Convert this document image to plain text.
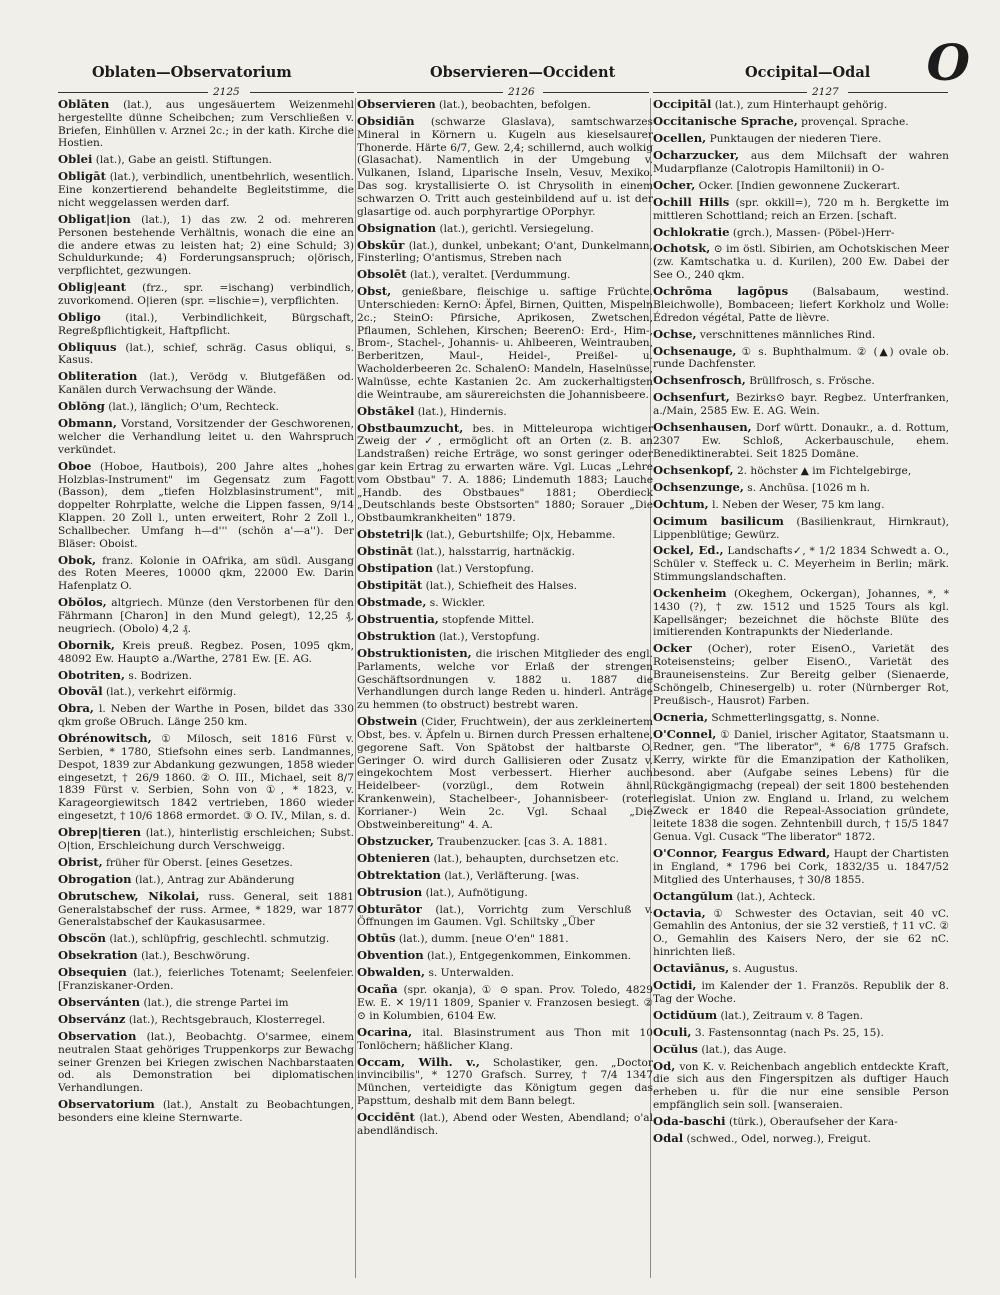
O
Oblaten—Observatorium	Observieren—Occident	Occipital—Odal
2125	2126	2127

Oblāten (lat.), aus ungesäuertem Weizenmehl hergestellte dünne Scheibchen; zum Verschließen v. Briefen, Einhüllen v. Arznei 2c.; in der kath. Kirche die Hostien.

Oblei (lat.), Gabe an geistl. Stiftungen.

Obligāt (lat.), verbindlich, unentbehrlich, wesentlich. Eine konzertierend behandelte Begleitstimme, die nicht weggelassen werden darf.

Obligat|ion (lat.), 1) das zw. 2 od. mehreren Personen bestehende Verhältnis, wonach die eine an die andere etwas zu leisten hat; 2) eine Schuld; 3) Schuldurkunde; 4) Forderungsanspruch; o|örisch, verpflichtet, gezwungen.

Oblig|eant (frz., spr. =ischang) verbindlich, zuvorkomend. O|ieren (spr. =lischie=), verpflichten.

Obligo (ital.), Verbindlichkeit, Bürgschaft, Regreßpflichtigkeit, Haftpflicht.

Obliquus (lat.), schief, schräg. Casus obliqui, s. Kasus.

Obliteration (lat.), Verödg v. Blutgefäßen od. Kanälen durch Verwachsung der Wände.

Oblŏng (lat.), länglich; O'um, Rechteck.

Obmann, Vorstand, Vorsitzender der Geschworenen, welcher die Verhandlung leitet u. den Wahrspruch verkündet.

Oboe (Hoboe, Hautbois), 200 Jahre altes „hohes Holzblas-Instrument" im Gegensatz zum Fagott (Basson), dem „tiefen Holzblasinstrument", mit doppelter Rohrplatte, welche die Lippen fassen, 9/14 Klappen. 20 Zoll l., unten erweitert, Rohr 2 Zoll l., Schallbecher. Umfang h—d''' (schön a'—a''). Der Bläser: Oboist.

Obok, franz. Kolonie in OAfrika, am südl. Ausgang des Roten Meeres, 10000 qkm, 22000 Ew. Darin Hafenplatz O.

Obŏlos, altgriech. Münze (den Verstorbenen für den Fährmann [Charon] in den Mund gelegt), 12,25 ₰, neugriech. (Obolo) 4,2 ₰.

Obornik, Kreis preuß. Regbez. Posen, 1095 qkm, 48092 Ew. Haupt⊙ a./Warthe, 2781 Ew. [E. AG.

Obotriten, s. Bodrizen.

Obovāl (lat.), verkehrt eiförmig.

Obra, l. Neben der Warthe in Posen, bildet das 330 qkm große OBruch. Länge 250 km.

Obrénowitsch, ① Milosch, seit 1816 Fürst v. Serbien, * 1780, Stiefsohn eines serb. Landmannes, Despot, 1839 zur Abdankung gezwungen, 1858 wieder eingesetzt, † 26/9 1860. ② O. III., Michael, seit 8/7 1839 Fürst v. Serbien, Sohn von ①, * 1823, v. Karageorgiewitsch 1842 vertrieben, 1860 wieder eingesetzt, † 10/6 1868 ermordet. ③ O. IV., Milan, s. d.

Obrep|tieren (lat.), hinterlistig erschleichen; Subst. O|tion, Erschleichung durch Verschweigg.

Obrist, früher für Oberst. [eines Gesetzes.

Obrogation (lat.), Antrag zur Abänderung

Obrutschew, Nikolai, russ. General, seit 1881 Generalstabschef der russ. Armee, * 1829, war 1877 Generalstabschef der Kaukasusarmee.

Obscön (lat.), schlüpfrig, geschlechtl. schmutzig.

Obsekration (lat.), Beschwörung.

Obsequien (lat.), feierliches Totenamt; Seelenfeier. [Franziskaner-Orden.

Observánten (lat.), die strenge Partei im

Observánz (lat.), Rechtsgebrauch, Klosterregel.

Observation (lat.), Beobachtg. O'sarmee, einem neutralen Staat gehöriges Truppenkorps zur Bewachg seiner Grenzen bei Kriegen zwischen Nachbarstaaten od. als Demonstration bei diplomatischen Verhandlungen.

Observatorium (lat.), Anstalt zu Beobachtungen, besonders eine kleine Sternwarte.

Observieren (lat.), beobachten, befolgen.

Obsidiān (schwarze Glaslava), samtschwarzes Mineral in Körnern u. Kugeln aus kieselsaurer Thonerde. Härte 6/7, Gew. 2,4; schillernd, auch wolkig (Glasachat). Namentlich in der Umgebung v. Vulkanen, Island, Liparische Inseln, Vesuv, Mexiko. Das sog. krystallisierte O. ist Chrysolith in einem schwarzen O. Tritt auch gesteinbildend auf u. ist der glasartige od. auch porphyrartige OPorphyr.

Obsignation (lat.), gerichtl. Versiegelung.

Obskūr (lat.), dunkel, unbekant; O'ant, Dunkelmann, Finsterling; O'antismus, Streben nach

Obsolēt (lat.), veraltet. [Verdummung.

Obst, genießbare, fleischige u. saftige Früchte. Unterschieden: KernO: Äpfel, Birnen, Quitten, Mispeln 2c.; SteinO: Pfirsiche, Aprikosen, Zwetschen, Pflaumen, Schlehen, Kirschen; BeerenO: Erd-, Him-, Brom-, Stachel-, Johannis- u. Ahlbeeren, Weintrauben, Berberitzen, Maul-, Heidel-, Preißel- u. Wacholderbeeren 2c. SchalenO: Mandeln, Haselnüsse, Walnüsse, echte Kastanien 2c. Am zuckerhaltigsten die Weintraube, am säurereichsten die Johannisbeere.

Obstākel (lat.), Hindernis.

Obstbaumzucht, bes. in Mitteleuropa wichtiger Zweig der ✓, ermöglicht oft an Orten (z. B. an Landstraßen) reiche Erträge, wo sonst geringer oder gar kein Ertrag zu erwarten wäre. Vgl. Lucas „Lehre vom Obstbau" 7. A. 1886; Lindemuth 1883; Lauche „Handb. des Obstbaues" 1881; Oberdieck „Deutschlands beste Obstsorten" 1880; Sorauer „Die Obstbaumkrankheiten" 1879.

Obstetri|k (lat.), Geburtshilfe; O|x, Hebamme.

Obstināt (lat.), halsstarrig, hartnäckig.

Obstipation (lat.) Verstopfung.

Obstipität (lat.), Schiefheit des Halses.

Obstmade, s. Wickler.

Obstruentia, stopfende Mittel.

Obstruktion (lat.), Verstopfung.

Obstruktionisten, die irischen Mitglieder des engl. Parlaments, welche vor Erlaß der strengen Geschäftsordnungen v. 1882 u. 1887 die Verhandlungen durch lange Reden u. hinderl. Anträge zu hemmen (to obstruct) bestrebt waren.

Obstwein (Cider, Fruchtwein), der aus zerkleinertem Obst, bes. v. Äpfeln u. Birnen durch Pressen erhaltene, gegorene Saft. Von Spätobst der haltbarste O. Geringer O. wird durch Gallisieren oder Zusatz v. eingekochtem Most verbessert. Hierher auch Heidelbeer- (vorzügl., dem Rotwein ähnl. Krankenwein), Stachelbeer-, Johannisbeer- (roter Korrianer-) Wein 2c. Vgl. Schaal „Die Obstweinbereitung" 4. A.

Obstzucker, Traubenzucker. [cas 3. A. 1881.

Obtenieren (lat.), behaupten, durchsetzen etc.

Obtrektation (lat.), Verläfterung. [was.

Obtrusion (lat.), Aufnötigung.

Obturātor (lat.), Vorrichtg zum Verschluß v. Öffnungen im Gaumen. Vgl. Schiltsky „Über

Obtūs (lat.), dumm. [neue O'en" 1881.

Obvention (lat.), Entgegenkommen, Einkommen.

Obwalden, s. Unterwalden.

Ocaña (spr. okanja), ① ⊙ span. Prov. Toledo, 4829 Ew. E. ✕ 19/11 1809, Spanier v. Franzosen besiegt. ② ⊙ in Kolumbien, 6104 Ew.

Ocarina, ital. Blasinstrument aus Thon mit 10 Tonlöchern; häßlicher Klang.

Occam, Wilh. v., Scholastiker, gen. „Doctor invincibilis", * 1270 Grafsch. Surrey, † 7/4 1347 München, verteidigte das Königtum gegen das Papsttum, deshalb mit dem Bann belegt.

Occidēnt (lat.), Abend oder Westen, Abendland; o'al abendländisch.

Occipitāl (lat.), zum Hinterhaupt gehörig.

Occitanische Sprache, provençal. Sprache.

Ocellen, Punktaugen der niederen Tiere.

Ocharzucker, aus dem Milchsaft der wahren Mudarpflanze (Calotropis Hamiltonii) in O-

Ocher, Ocker. [Indien gewonnene Zuckerart.

Ochill Hills (spr. okkill=), 720 m h. Bergkette im mittleren Schottland; reich an Erzen. [schaft.

Ochlokratie (grch.), Massen- (Pöbel-)Herr-

Ochotsk, ⊙ im östl. Sibirien, am Ochotskischen Meer (zw. Kamtschatka u. d. Kurilen), 200 Ew. Dabei der See O., 240 qkm.

Ochrōma lagōpus (Balsabaum, westind. Bleichwolle), Bombaceen; liefert Korkholz und Wolle: Édredon végétal, Patte de lièvre.

Ochse, verschnittenes männliches Rind.

Ochsenauge, ① s. Buphthalmum. ② (▲) ovale ob. runde Dachfenster.

Ochsenfrosch, Brüllfrosch, s. Frösche.

Ochsenfurt, Bezirks⊙ bayr. Regbez. Unterfranken, a./Main, 2585 Ew. E. AG. Wein.

Ochsenhausen, Dorf württ. Donaukr., a. d. Rottum, 2307 Ew. Schloß, Ackerbauschule, ehem. Benediktinerabtei. Seit 1825 Domäne.

Ochsenkopf, 2. höchster ▲ im Fichtelgebirge,

Ochsenzunge, s. Anchūsa. [1026 m h.

Ochtum, l. Neben der Weser, 75 km lang.

Ocimum basilicum (Basilienkraut, Hirnkraut), Lippenblütige; Gewürz.

Ockel, Ed., Landschafts✓, * 1/2 1834 Schwedt a. O., Schüler v. Steffeck u. C. Meyerheim in Berlin; märk. Stimmungslandschaften.

Ockenheim (Okeghem, Ockergan), Johannes, *, * 1430 (?), † zw. 1512 und 1525 Tours als kgl. Kapellsänger; bezeichnet die höchste Blüte des imitierenden Kontrapunkts der Niederlande.

Ocker (Ocher), roter EisenO., Varietät des Roteisensteins; gelber EisenO., Varietät des Brauneisensteins. Zur Bereitg gelber (Sienaerde, Schöngelb, Chinesergelb) u. roter (Nürnberger Rot, Preußisch-, Hausrot) Farben.

Ocneria, Schmetterlingsgattg, s. Nonne.

O'Connel, ① Daniel, irischer Agitator, Staatsmann u. Redner, gen. "The liberator", * 6/8 1775 Grafsch. Kerry, wirkte für die Emanzipation der Katholiken, besond. aber (Aufgabe seines Lebens) für die Rückgängigmachg (repeal) der seit 1800 bestehenden legislat. Union zw. England u. Irland, zu welchem Zweck er 1840 die Repeal-Association gründete, leitete 1838 die sogen. Zehntenbill durch, † 15/5 1847 Genua. Vgl. Cusack "The liberator" 1872.

O'Connor, Feargus Edward, Haupt der Chartisten in England, * 1796 bei Cork, 1832/35 u. 1847/52 Mitglied des Unterhauses, † 30/8 1855.

Octangŭlum (lat.), Achteck.

Octavia, ① Schwester des Octavian, seit 40 vC. Gemahlin des Antonius, der sie 32 verstieß, † 11 vC. ② O., Gemahlin des Kaisers Nero, der sie 62 nC. hinrichten ließ.

Octaviānus, s. Augustus.

Octidi, im Kalender der 1. Französ. Republik der 8. Tag der Woche.

Octidŭum (lat.), Zeitraum v. 8 Tagen.

Oculi, 3. Fastensonntag (nach Ps. 25, 15).

Ocŭlus (lat.), das Auge.

Od, von K. v. Reichenbach angeblich entdeckte Kraft, die sich aus den Fingerspitzen als duftiger Hauch erheben u. für die nur eine sensible Person empfänglich sein soll. [wanseraien.

Oda-baschi (türk.), Oberaufseher der Kara-

Odal (schwed., Odel, norweg.), Freigut.
